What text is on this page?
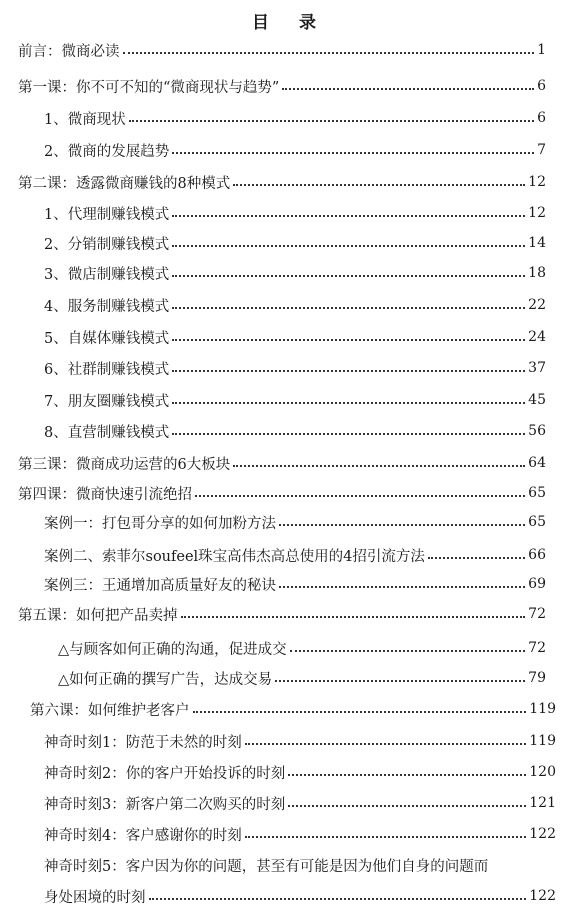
目 录
前言：微商必读	1
第一课：你不可不知的“微商现状与趋势”	6
1、微商现状	6
2、微商的发展趋势	7
第二课：透露微商赚钱的8种模式	12
1、代理制赚钱模式	12
2、分销制赚钱模式	14
3、微店制赚钱模式	18
4、服务制赚钱模式	22
5、自媒体赚钱模式	24
6、社群制赚钱模式	37
7、朋友圈赚钱模式	45
8、直营制赚钱模式	56
第三课：微商成功运营的6大板块	64
第四课：微商快速引流绝招	65
案例一：打包哥分享的如何加粉方法	65
案例二、索菲尔soufeel珠宝高伟杰高总使用的4招引流方法	66
案例三：王通增加高质量好友的秘诀	69
第五课：如何把产品卖掉	72
△与顾客如何正确的沟通，促进成交	72
△如何正确的撰写广告，达成交易	79
第六课：如何维护老客户	119
神奇时刻1：防范于未然的时刻	119
神奇时刻2：你的客户开始投诉的时刻	120
神奇时刻3：新客户第二次购买的时刻	121
神奇时刻4：客户感谢你的时刻	122
神奇时刻5：客户因为你的问题，甚至有可能是因为他们自身的问题而
身处困境的时刻	122
